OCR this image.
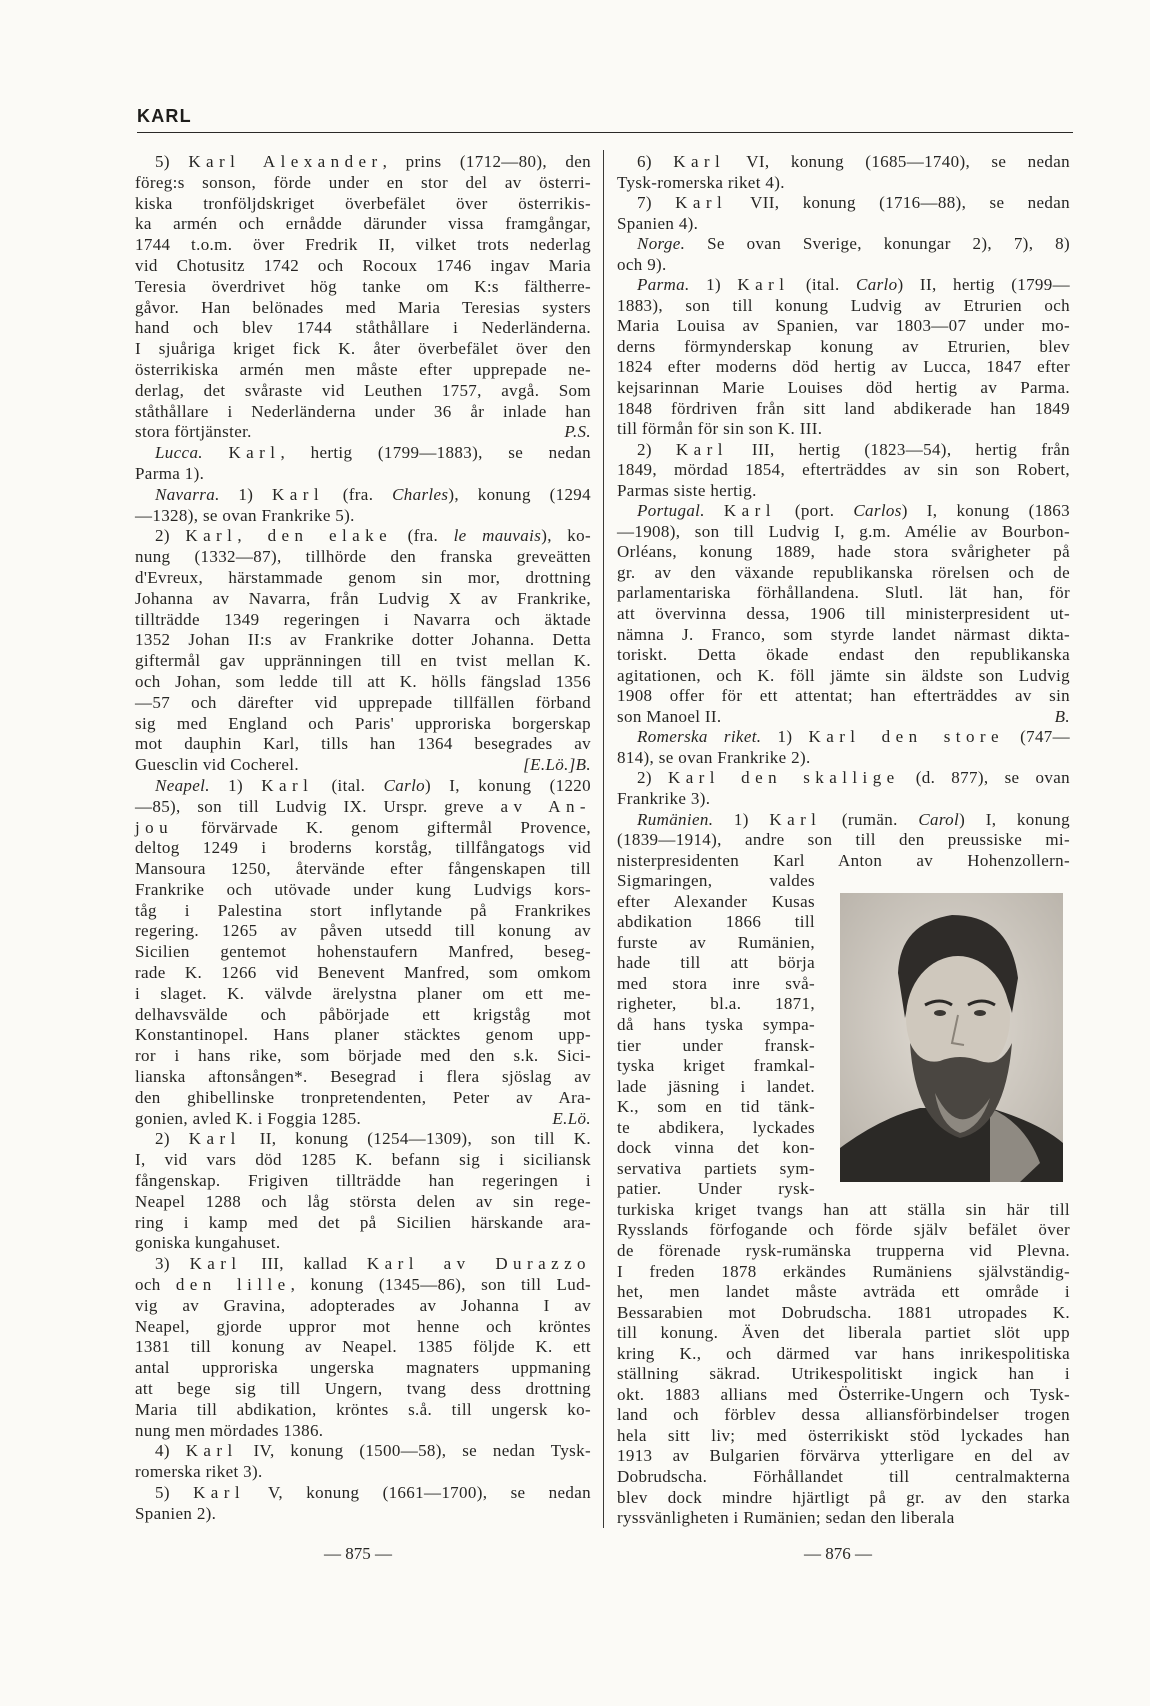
KARL
5) Karl Alexander, prins (1712—80), den
föreg:s sonson, förde under en stor del av österri-
kiska tronföljdskriget överbefälet över österrikis-
ka armén och ernådde därunder vissa framgångar,
1744 t.o.m. över Fredrik II, vilket trots nederlag
vid Chotusitz 1742 och Rocoux 1746 ingav Maria
Teresia överdrivet hög tanke om K:s fältherre-
gåvor. Han belönades med Maria Teresias systers
hand och blev 1744 ståthållare i Nederländerna.
I sjuåriga kriget fick K. åter överbefälet över den
österrikiska armén men måste efter upprepade ne-
derlag, det svåraste vid Leuthen 1757, avgå. Som
ståthållare i Nederländerna under 36 år inlade han
P.S.
stora förtjänster.
Lucca. Karl, hertig (1799—1883), se nedan
Parma 1).
Navarra. 1) Karl (fra. Charles), konung (1294
—1328), se ovan Frankrike 5).
2) Karl, den elake (fra. le mauvais), ko-
nung (1332—87), tillhörde den franska greveätten
d'Evreux, härstammade genom sin mor, drottning
Johanna av Navarra, från Ludvig X av Frankrike,
tillträdde 1349 regeringen i Navarra och äktade
1352 Johan II:s av Frankrike dotter Johanna. Detta
giftermål gav uppränningen till en tvist mellan K.
och Johan, som ledde till att K. hölls fängslad 1356
—57 och därefter vid upprepade tillfällen förband
sig med England och Paris' upproriska borgerskap
mot dauphin Karl, tills han 1364 besegrades av
[E.Lö.]B.
Guesclin vid Cocherel.
Neapel. 1) Karl (ital. Carlo) I, konung (1220
—85), son till Ludvig IX. Urspr. greve av An-
jou förvärvade K. genom giftermål Provence,
deltog 1249 i broderns korståg, tillfångatogs vid
Mansoura 1250, återvände efter fångenskapen till
Frankrike och utövade under kung Ludvigs kors-
tåg i Palestina stort inflytande på Frankrikes
regering. 1265 av påven utsedd till konung av
Sicilien gentemot hohenstaufern Manfred, beseg-
rade K. 1266 vid Benevent Manfred, som omkom
i slaget. K. välvde ärelystna planer om ett me-
delhavsvälde och påbörjade ett krigståg mot
Konstantinopel. Hans planer stäcktes genom upp-
ror i hans rike, som började med den s.k. Sici-
lianska aftonsången*. Besegrad i flera sjöslag av
den ghibellinske tronpretendenten, Peter av Ara-
E.Lö.
gonien, avled K. i Foggia 1285.
2) Karl II, konung (1254—1309), son till K.
I, vid vars död 1285 K. befann sig i siciliansk
fångenskap. Frigiven tillträdde han regeringen i
Neapel 1288 och låg största delen av sin rege-
ring i kamp med det på Sicilien härskande ara-
goniska kungahuset.
3) Karl III, kallad Karl av Durazzo
och den lille, konung (1345—86), son till Lud-
vig av Gravina, adopterades av Johanna I av
Neapel, gjorde uppror mot henne och kröntes
1381 till konung av Neapel. 1385 följde K. ett
antal upproriska ungerska magnaters uppmaning
att bege sig till Ungern, tvang dess drottning
Maria till abdikation, kröntes s.å. till ungersk ko-
nung men mördades 1386.
4) Karl IV, konung (1500—58), se nedan Tysk-
romerska riket 3).
5) Karl V, konung (1661—1700), se nedan
Spanien 2).
6) Karl VI, konung (1685—1740), se nedan
Tysk-romerska riket 4).
7) Karl VII, konung (1716—88), se nedan
Spanien 4).
Norge. Se ovan Sverige, konungar 2), 7), 8)
och 9).
Parma. 1) Karl (ital. Carlo) II, hertig (1799—
1883), son till konung Ludvig av Etrurien och
Maria Louisa av Spanien, var 1803—07 under mo-
derns förmynderskap konung av Etrurien, blev
1824 efter moderns död hertig av Lucca, 1847 efter
kejsarinnan Marie Louises död hertig av Parma.
1848 fördriven från sitt land abdikerade han 1849
till förmån för sin son K. III.
2) Karl III, hertig (1823—54), hertig från
1849, mördad 1854, efterträddes av sin son Robert,
Parmas siste hertig.
Portugal. Karl (port. Carlos) I, konung (1863
—1908), son till Ludvig I, g.m. Amélie av Bourbon-
Orléans, konung 1889, hade stora svårigheter på
gr. av den växande republikanska rörelsen och de
parlamentariska förhållandena. Slutl. lät han, för
att övervinna dessa, 1906 till ministerpresident ut-
nämna J. Franco, som styrde landet närmast dikta-
toriskt. Detta ökade endast den republikanska
agitationen, och K. föll jämte sin äldste son Ludvig
1908 offer för ett attentat; han efterträddes av sin
B.
son Manoel II.
Romerska riket. 1) Karl den store (747—
814), se ovan Frankrike 2).
2) Karl den skallige (d. 877), se ovan
Frankrike 3).
Rumänien. 1) Karl (rumän. Carol) I, konung
(1839—1914), andre son till den preussiske mi-
nisterpresidenten Karl Anton av Hohenzollern-
Sigmaringen, valdes
efter Alexander Kusas
abdikation 1866 till
furste av Rumänien,
hade till att börja
med stora inre svå-
righeter, bl.a. 1871,
då hans tyska sympa-
tier under fransk-
tyska kriget framkal-
lade jäsning i landet.
K., som en tid tänk-
te abdikera, lyckades
dock vinna det kon-
servativa partiets sym-
patier. Under rysk-
turkiska kriget tvangs han att ställa sin här till
Rysslands förfogande och förde själv befälet över
de förenade rysk-rumänska trupperna vid Plevna.
I freden 1878 erkändes Rumäniens självständig-
het, men landet måste avträda ett område i
Bessarabien mot Dobrudscha. 1881 utropades K.
till konung. Även det liberala partiet slöt upp
kring K., och därmed var hans inrikespolitiska
ställning säkrad. Utrikespolitiskt ingick han i
okt. 1883 allians med Österrike-Ungern och Tysk-
land och förblev dessa alliansförbindelser trogen
hela sitt liv; med österrikiskt stöd lyckades han
1913 av Bulgarien förvärva ytterligare en del av
Dobrudscha. Förhållandet till centralmakterna
blev dock mindre hjärtligt på gr. av den starka
ryssvänligheten i Rumänien; sedan den liberala
— 875 —	— 876 —
